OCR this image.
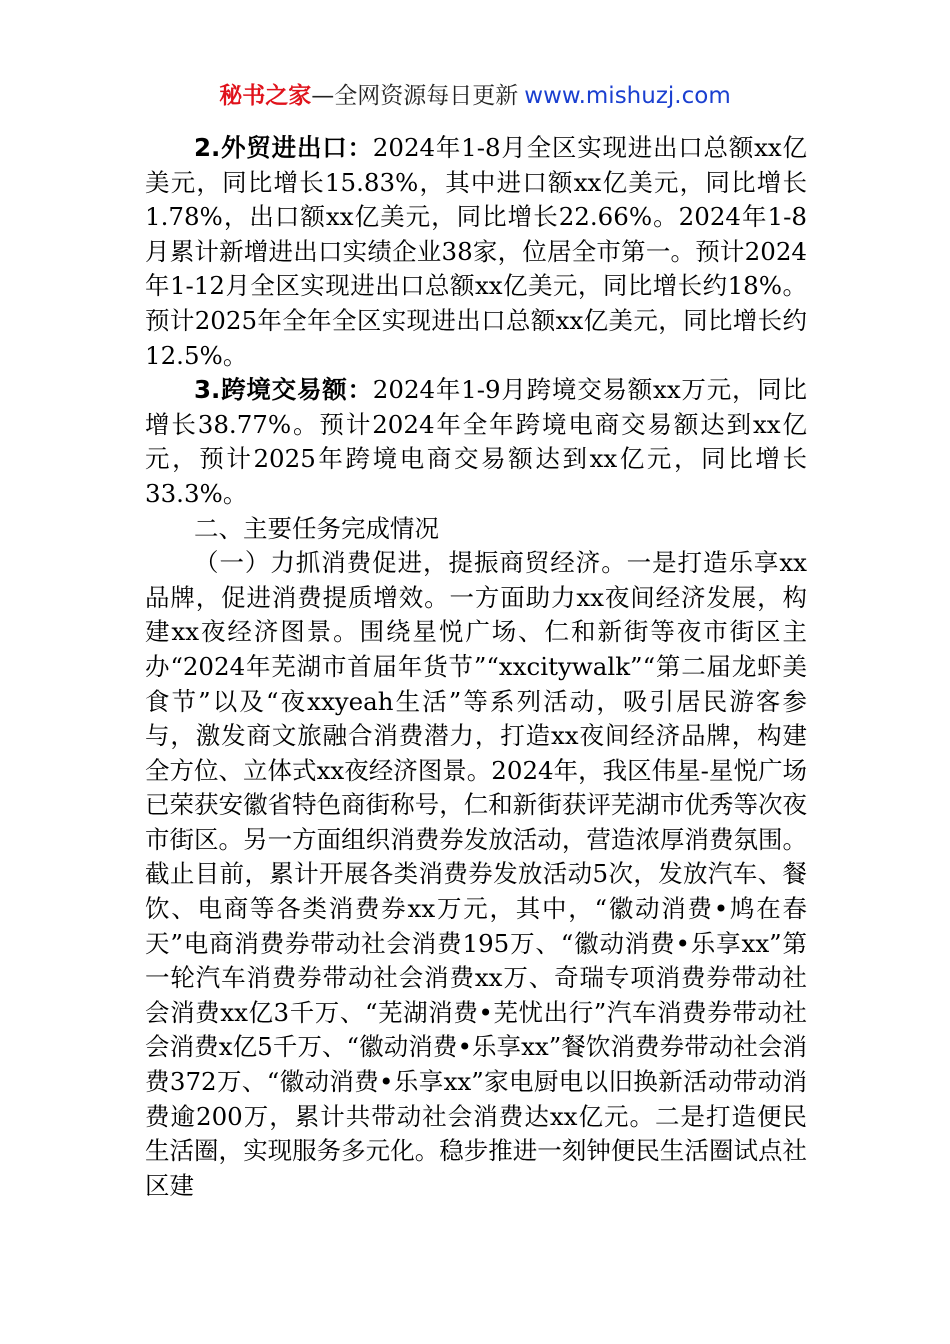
秘书之家—全网资源每日更新 www.mishuzj.com

2.外贸进出口：2024年1-8月全区实现进出口总额xx亿美元，同比增长15.83%，其中进口额xx亿美元，同比增长1.78%，出口额xx亿美元，同比增长22.66%。2024年1-8月累计新增进出口实绩企业38家，位居全市第一。预计2024年1-12月全区实现进出口总额xx亿美元，同比增长约18%。预计2025年全年全区实现进出口总额xx亿美元，同比增长约12.5%。

3.跨境交易额：2024年1-9月跨境交易额xx万元，同比增长38.77%。预计2024年全年跨境电商交易额达到xx亿元，预计2025年跨境电商交易额达到xx亿元，同比增长33.3%。

二、主要任务完成情况

（一）力抓消费促进，提振商贸经济。一是打造乐享xx品牌，促进消费提质增效。一方面助力xx夜间经济发展，构建xx夜经济图景。围绕星悦广场、仁和新街等夜市街区主办“2024年芜湖市首届年货节”“xxcitywalk”“第二届龙虾美食节”以及“夜xxyeah生活”等系列活动，吸引居民游客参与，激发商文旅融合消费潜力，打造xx夜间经济品牌，构建全方位、立体式xx夜经济图景。2024年，我区伟星-星悦广场已荣获安徽省特色商街称号，仁和新街获评芜湖市优秀等次夜市街区。另一方面组织消费券发放活动，营造浓厚消费氛围。截止目前，累计开展各类消费券发放活动5次，发放汽车、餐饮、电商等各类消费券xx万元，其中，“徽动消费•鸠在春天”电商消费券带动社会消费195万、“徽动消费•乐享xx”第一轮汽车消费券带动社会消费xx万、奇瑞专项消费券带动社会消费xx亿3千万、“芜湖消费•芜忧出行”汽车消费券带动社会消费x亿5千万、“徽动消费•乐享xx”餐饮消费券带动社会消费372万、“徽动消费•乐享xx”家电厨电以旧换新活动带动消费逾200万，累计共带动社会消费达xx亿元。二是打造便民生活圈，实现服务多元化。稳步推进一刻钟便民生活圈试点社区建
